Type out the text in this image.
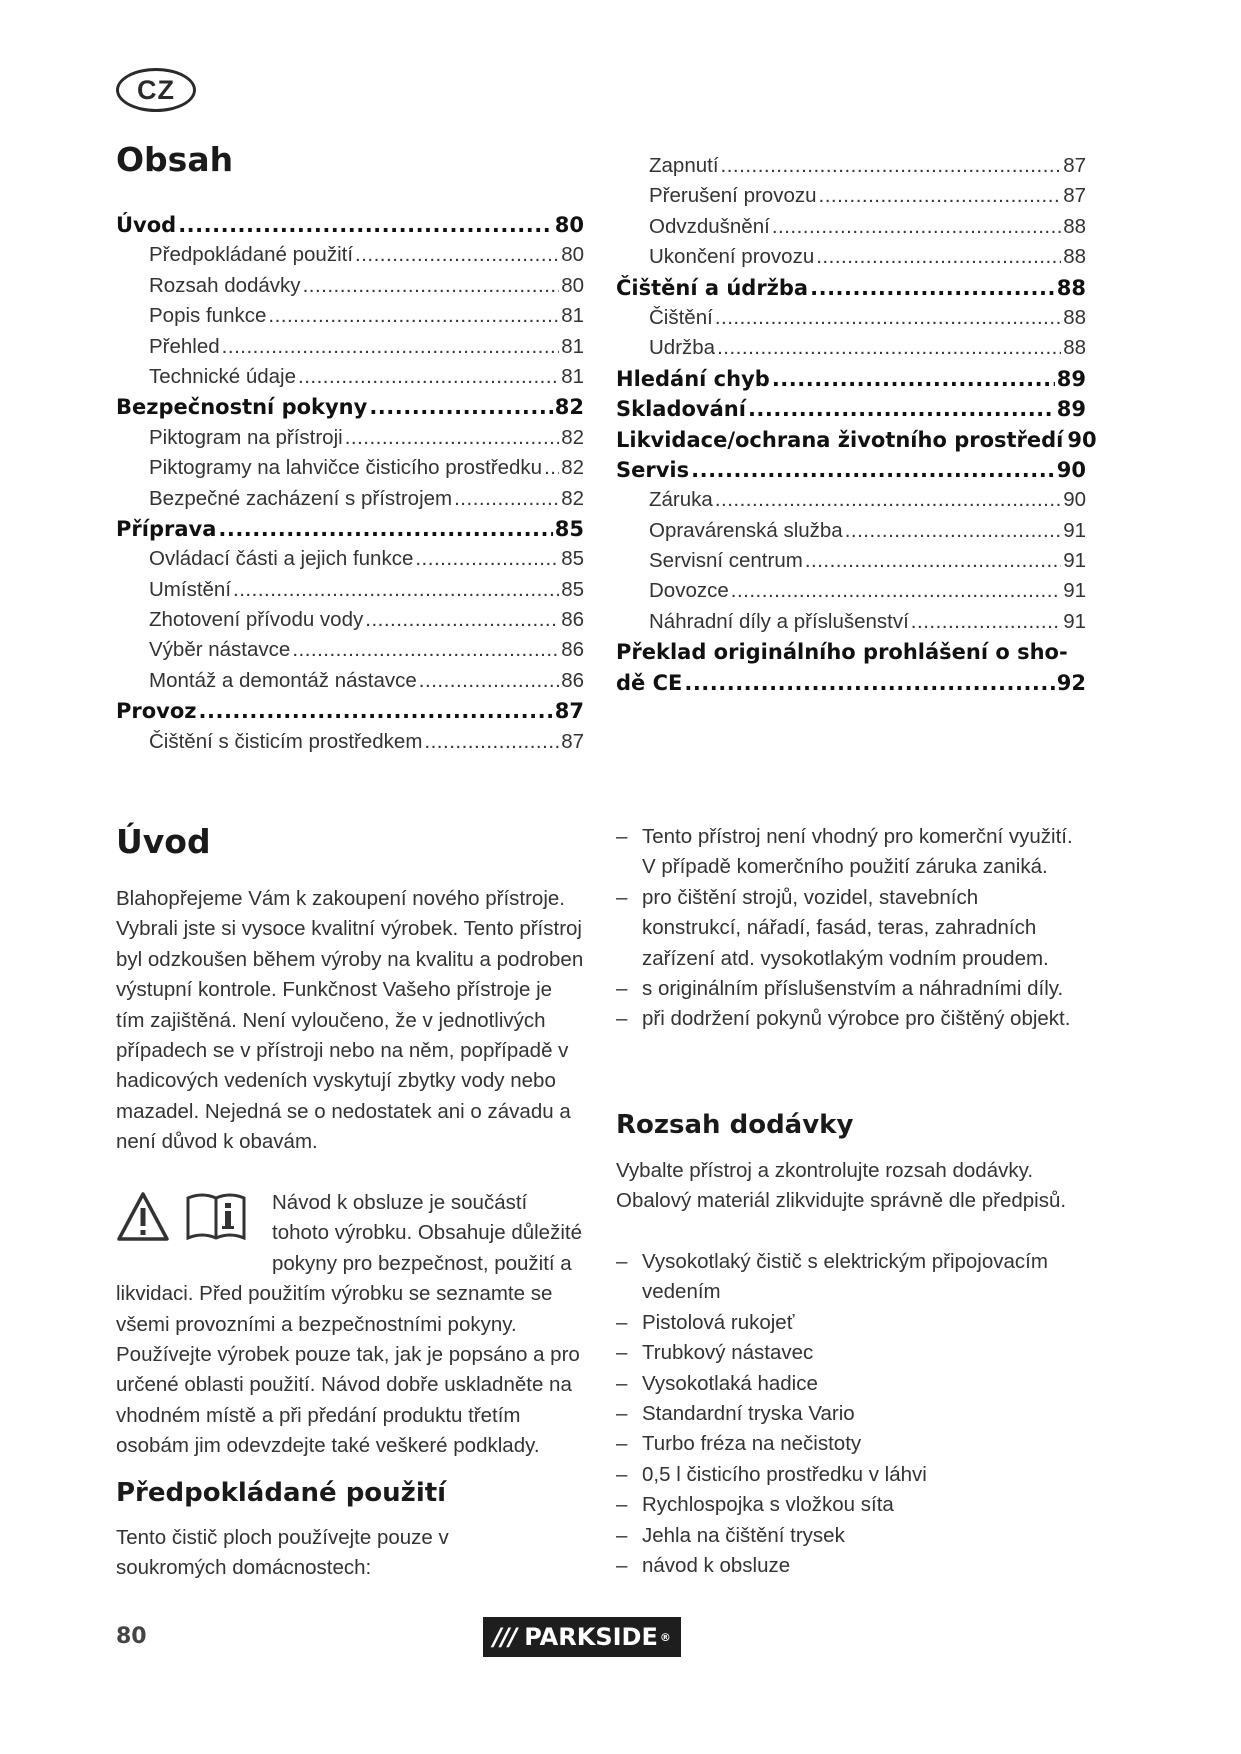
CZ
Obsah
Úvod .....	80
Předpokládané použití .....	80
Rozsah dodávky .....	80
Popis funkce .....	81
Přehled .....	81
Technické údaje .....	81
Bezpečnostní pokyny .....	82
Piktogram na přístroji .....	82
Piktogramy na lahvičce čisticího prostředku ..... 82
Bezpečné zacházení s přístrojem .....	82
Příprava .....	85
Ovládací části a jejich funkce .....	85
Umístění .....	85
Zhotovení přívodu vody .....	86
Výběr nástavce .....	86
Montáž a demontáž nástavce .....	86
Provoz .....	87
Čištění s čisticím prostředkem .....	87
Zapnutí .....	87
Přerušení provozu .....	87
Odvzdušnění .....	88
Ukončení provozu .....	88
Čištění a údržba .....	88
Čištění .....	88
Udržba .....	88
Hledání chyb .....	89
Skladování .....	89
Likvidace/ochrana životního prostředí 90
Servis .....	90
Záruka .....	90
Opravárenská služba .....	91
Servisní centrum .....	91
Dovozce .....	91
Náhradní díly a příslušenství .....	91
Překlad originálního prohlášení o sho-
dě CE .....	92
Úvod

Blahopřejeme Vám k zakoupení nového přístroje. Vybrali jste si vysoce kvalitní výrobek. Tento přístroj byl odzkoušen během výroby na kvalitu a podroben výstupní kontrole. Funkčnost Vašeho přístroje je tím zajištěná. Není vyloučeno, že v jednotlivých případech se v přístroji nebo na něm, popřípadě v hadicových vedeních vyskytují zbytky vody nebo mazadel. Nejedná se o nedostatek ani o závadu a není důvod k obavám.

Návod k obsluze je součástí tohoto výrobku. Obsahuje důležité pokyny pro bezpečnost, použití a likvidaci. Před použitím výrobku se seznamte se všemi provozními a bezpečnostními pokyny. Používejte výrobek pouze tak, jak je popsáno a pro určené oblasti použití. Návod dobře uskladněte na vhodném místě a při předání produktu třetím osobám jim odevzdejte také veškeré podklady.

Předpokládané použití

Tento čistič ploch používejte pouze v soukromých domácnostech:

– Tento přístroj není vhodný pro komerční využití. V případě komerčního použití záruka zaniká.
– pro čištění strojů, vozidel, stavebních konstrukcí, nářadí, fasád, teras, zahradních zařízení atd. vysokotlakým vodním proudem.
– s originálním příslušenstvím a náhradními díly.
– při dodržení pokynů výrobce pro čištěný objekt.
Rozsah dodávky

Vybalte přístroj a zkontrolujte rozsah dodávky. Obalový materiál zlikvidujte správně dle předpisů.

– Vysokotlaký čistič s elektrickým připojovacím vedením
– Pistolová rukojeť
– Trubkový nástavec
– Vysokotlaká hadice
– Standardní tryska Vario
– Turbo fréza na nečistoty
– 0,5 l čisticího prostředku v láhvi
– Rychlospojka s vložkou síta
– Jehla na čištění trysek
– návod k obsluze
80	/// PARKSIDE ®
